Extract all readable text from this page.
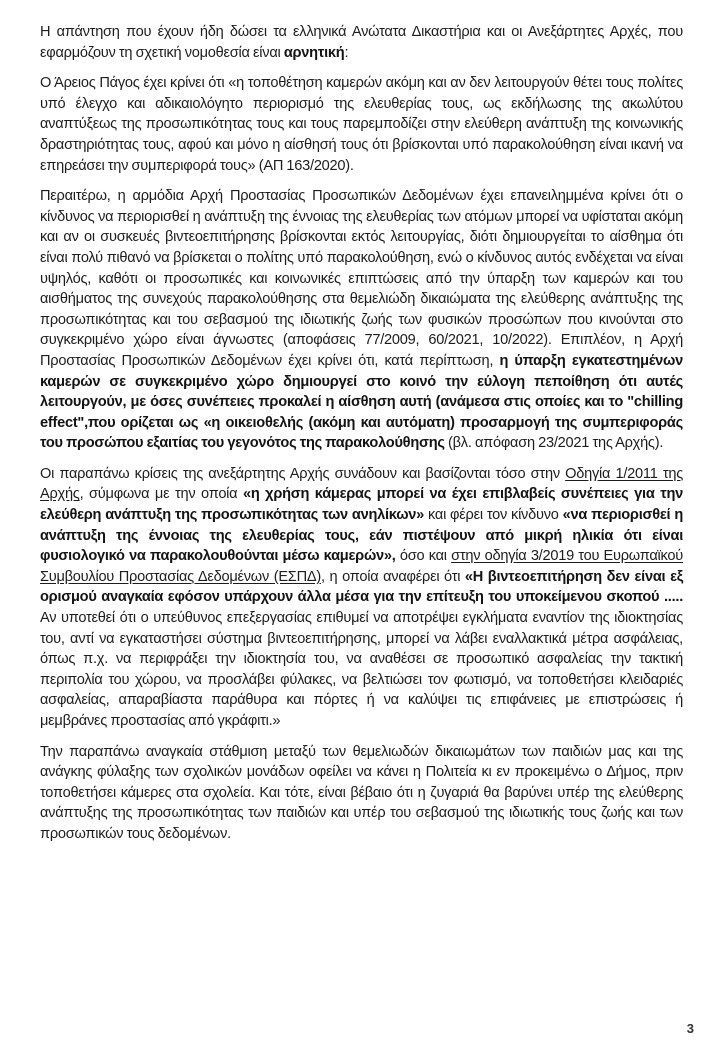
Η απάντηση που έχουν ήδη δώσει τα ελληνικά Ανώτατα Δικαστήρια και οι Ανεξάρτητες Αρχές, που εφαρμόζουν τη σχετική νομοθεσία είναι αρνητική:

Ο Άρειος Πάγος έχει κρίνει ότι «η τοποθέτηση καμερών ακόμη και αν δεν λειτουργούν θέτει τους πολίτες υπό έλεγχο και αδικαιολόγητο περιορισμό της ελευθερίας τους, ως εκδήλωσης της ακωλύτου αναπτύξεως της προσωπικότητας τους και τους παρεμποδίζει στην ελεύθερη ανάπτυξη της κοινωνικής δραστηριότητας τους, αφού και μόνο η αίσθησή τους ότι βρίσκονται υπό παρακολούθηση είναι ικανή να επηρεάσει την συμπεριφορά τους» (ΑΠ 163/2020).

Περαιτέρω, η αρμόδια Αρχή Προστασίας Προσωπικών Δεδομένων έχει επανειλημμένα κρίνει ότι ο κίνδυνος να περιορισθεί η ανάπτυξη της έννοιας της ελευθερίας των ατόμων μπορεί να υφίσταται ακόμη και αν οι συσκευές βιντεοεπιτήρησης βρίσκονται εκτός λειτουργίας, διότι δημιουργείται το αίσθημα ότι είναι πολύ πιθανό να βρίσκεται ο πολίτης υπό παρακολούθηση, ενώ ο κίνδυνος αυτός ενδέχεται να είναι υψηλός, καθότι οι προσωπικές και κοινωνικές επιπτώσεις από την ύπαρξη των καμερών και του αισθήματος της συνεχούς παρακολούθησης στα θεμελιώδη δικαιώματα της ελεύθερης ανάπτυξης της προσωπικότητας και του σεβασμού της ιδιωτικής ζωής των φυσικών προσώπων που κινούνται στο συγκεκριμένο χώρο είναι άγνωστες (αποφάσεις 77/2009, 60/2021, 10/2022). Επιπλέον, η Αρχή Προστασίας Προσωπικών Δεδομένων έχει κρίνει ότι, κατά περίπτωση, η ύπαρξη εγκατεστημένων καμερών σε συγκεκριμένο χώρο δημιουργεί στο κοινό την εύλογη πεποίθηση ότι αυτές λειτουργούν, με όσες συνέπειες προκαλεί η αίσθηση αυτή (ανάμεσα στις οποίες και το "chilling effect",που ορίζεται ως «η οικειοθελής (ακόμη και αυτόματη) προσαρμογή της συμπεριφοράς του προσώπου εξαιτίας του γεγονότος της παρακολούθησης (βλ. απόφαση 23/2021 της Αρχής).

Οι παραπάνω κρίσεις της ανεξάρτητης Αρχής συνάδουν και βασίζονται τόσο στην Οδηγία 1/2011 της Αρχής, σύμφωνα με την οποία «η χρήση κάμερας μπορεί να έχει επιβλαβείς συνέπειες για την ελεύθερη ανάπτυξη της προσωπικότητας των ανηλίκων» και φέρει τον κίνδυνο «να περιορισθεί η ανάπτυξη της έννοιας της ελευθερίας τους, εάν πιστέψουν από μικρή ηλικία ότι είναι φυσιολογικό να παρακολουθούνται μέσω καμερών», όσο και στην οδηγία 3/2019 του Ευρωπαϊκού Συμβουλίου Προστασίας Δεδομένων (ΕΣΠΔ), η οποία αναφέρει ότι «Η βιντεοεπιτήρηση δεν είναι εξ ορισμού αναγκαία εφόσον υπάρχουν άλλα μέσα για την επίτευξη του υποκείμενου σκοπού ..... Αν υποτεθεί ότι ο υπεύθυνος επεξεργασίας επιθυμεί να αποτρέψει εγκλήματα εναντίον της ιδιοκτησίας του, αντί να εγκαταστήσει σύστημα βιντεοεπιτήρησης, μπορεί να λάβει εναλλακτικά μέτρα ασφάλειας, όπως π.χ. να περιφράξει την ιδιοκτησία του, να αναθέσει σε προσωπικό ασφαλείας την τακτική περιπολία του χώρου, να προσλάβει φύλακες, να βελτιώσει τον φωτισμό, να τοποθετήσει κλειδαριές ασφαλείας, απαραβίαστα παράθυρα και πόρτες ή να καλύψει τις επιφάνειες με επιστρώσεις ή μεμβράνες προστασίας από γκράφιτι.»

Την παραπάνω αναγκαία στάθμιση μεταξύ των θεμελιωδών δικαιωμάτων των παιδιών μας και της ανάγκης φύλαξης των σχολικών μονάδων οφείλει να κάνει η Πολιτεία κι εν προκειμένω ο Δήμος, πριν τοποθετήσει κάμερες στα σχολεία. Και τότε, είναι βέβαιο ότι η ζυγαριά θα βαρύνει υπέρ της ελεύθερης ανάπτυξης της προσωπικότητας των παιδιών και υπέρ του σεβασμού της ιδιωτικής τους ζωής και των προσωπικών τους δεδομένων.

3
